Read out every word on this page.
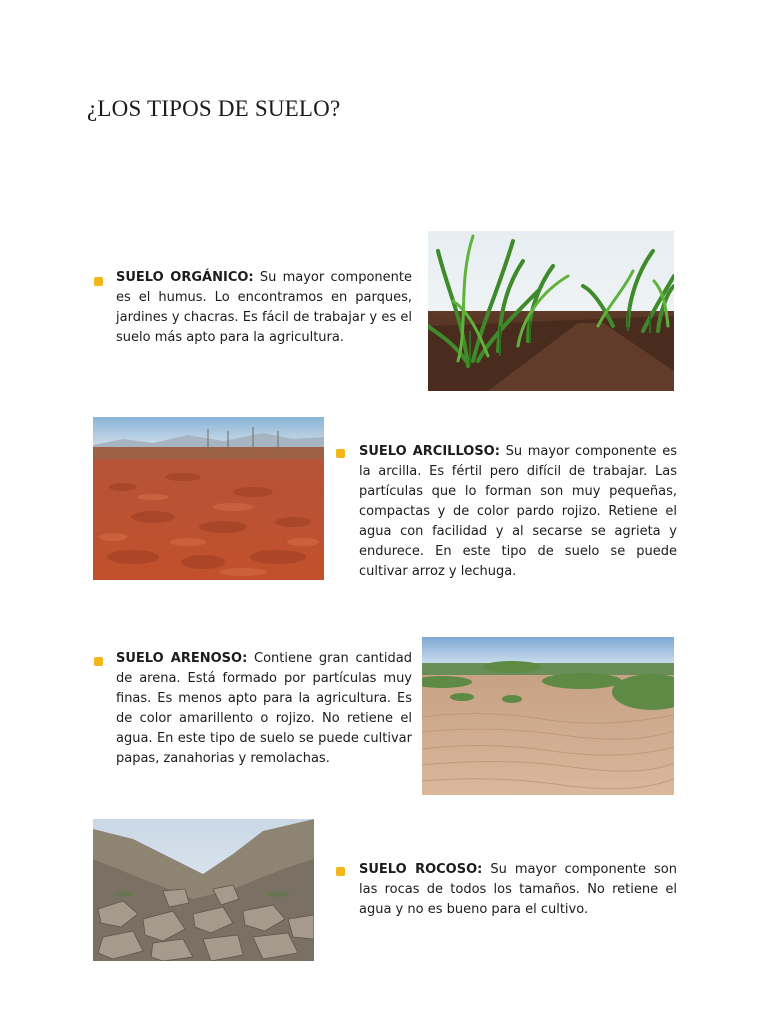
¿LOS TIPOS DE SUELO?

SUELO ORGÁNICO: Su mayor componente es el humus. Lo encontramos en parques, jardines y chacras. Es fácil de trabajar y es el suelo más apto para la agricultura.

SUELO ARCILLOSO: Su mayor componente es la arcilla. Es fértil pero difícil de trabajar. Las partículas que lo forman son muy pequeñas, compactas y de color pardo rojizo. Retiene el agua con facilidad y al secarse se agrieta y endurece. En este tipo de suelo se puede cultivar arroz y lechuga.

SUELO ARENOSO: Contiene gran cantidad de arena. Está formado por partículas muy finas. Es menos apto para la agricultura. Es de color amarillento o rojizo. No retiene el agua. En este tipo de suelo se puede cultivar papas, zanahorias y remolachas.

SUELO ROCOSO: Su mayor componente son las rocas de todos los tamaños. No retiene el agua y no es bueno para el cultivo.
